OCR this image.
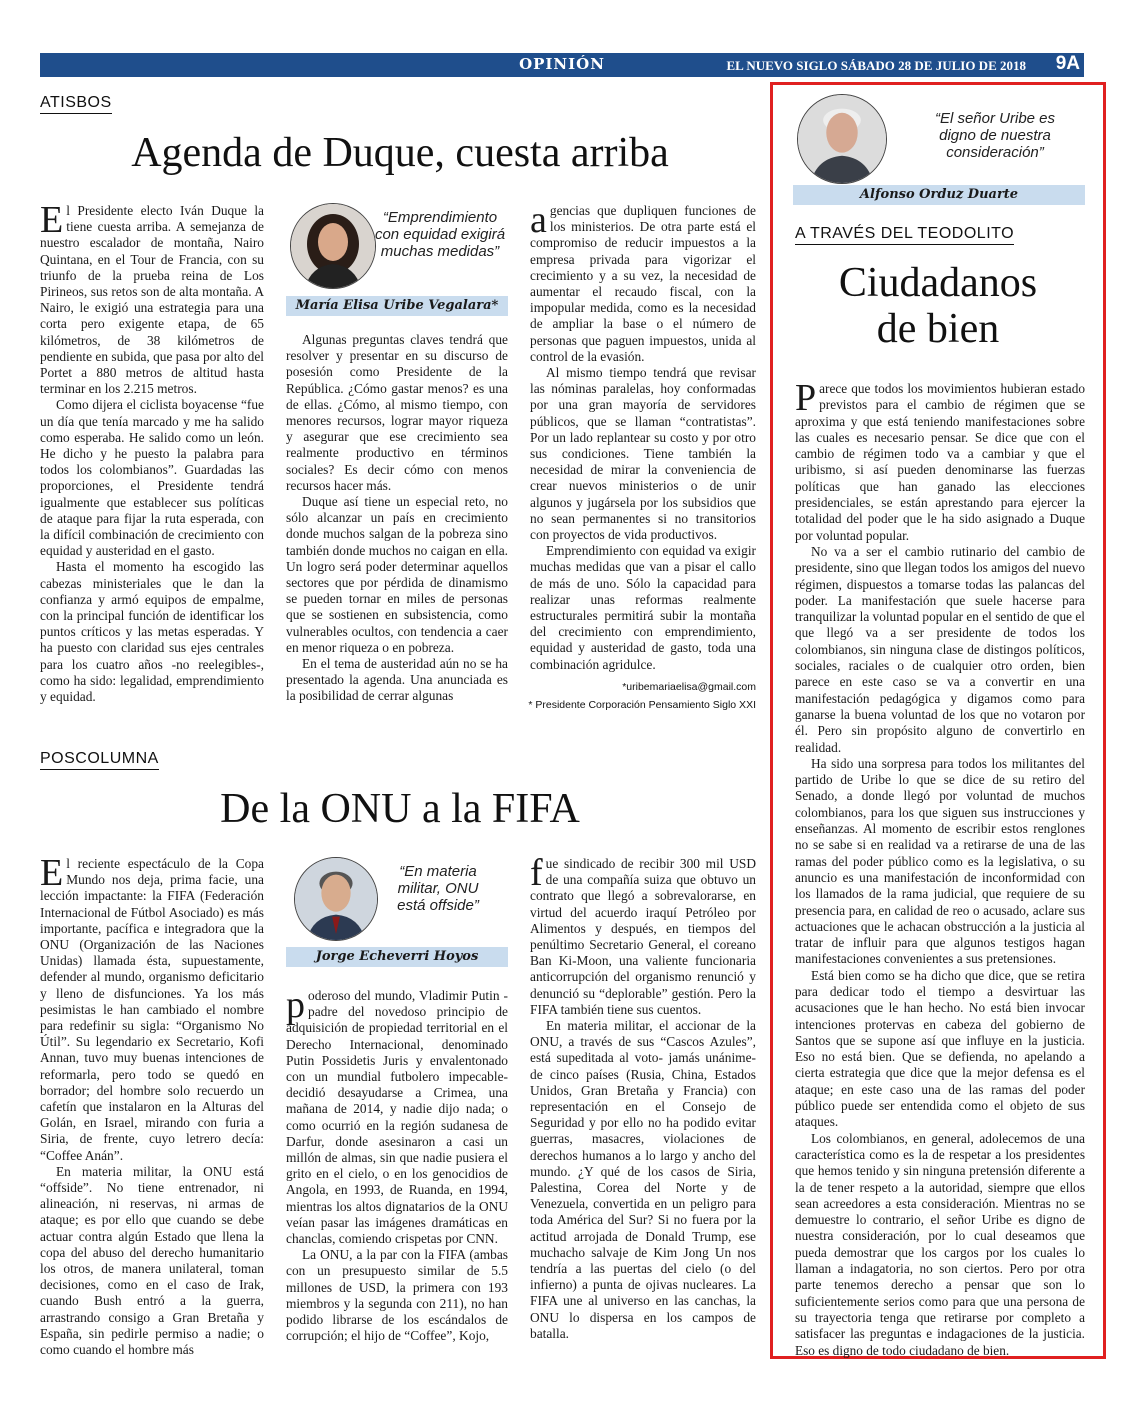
OPINIÓN	EL NUEVO SIGLO SÁBADO 28 DE JULIO DE 2018 9A
ATISBOS
Agenda de Duque, cuesta arriba

El Presidente electo Iván Duque la tiene cuesta arriba. A semejanza de nuestro escalador de montaña, Nairo Quintana, en el Tour de Francia, con su triunfo de la prueba reina de Los Pirineos, sus retos son de alta montaña. A Nairo, le exigió una estrategia para una corta pero exigente etapa, de 65 kilómetros, de 38 kilómetros de pendiente en subida, que pasa por alto del Portet a 880 metros de altitud hasta terminar en los 2.215 metros.

Como dijera el ciclista boyacense “fue un día que tenía marcado y me ha salido como esperaba. He salido como un león. He dicho y he puesto la palabra para todos los colombianos”. Guardadas las proporciones, el Presidente tendrá igualmente que establecer sus políticas de ataque para fijar la ruta esperada, con la difícil combinación de crecimiento con equidad y austeridad en el gasto.

Hasta el momento ha escogido las cabezas ministeriales que le dan la confianza y armó equipos de empalme, con la principal función de identificar los puntos críticos y las metas esperadas. Y ha puesto con claridad sus ejes centrales para los cuatro años -no reelegibles-, como ha sido: legalidad, emprendimiento y equidad.

“Emprendimiento con equidad exigirá muchas medidas”
María Elisa Uribe Vegalara*

Algunas preguntas claves tendrá que resolver y presentar en su discurso de posesión como Presidente de la República. ¿Cómo gastar menos? es una de ellas. ¿Cómo, al mismo tiempo, con menores recursos, lograr mayor riqueza y asegurar que ese crecimiento sea realmente productivo en términos sociales? Es decir cómo con menos recursos hacer más.

Duque así tiene un especial reto, no sólo alcanzar un país en crecimiento donde muchos salgan de la pobreza sino también donde muchos no caigan en ella. Un logro será poder determinar aquellos sectores que por pérdida de dinamismo se pueden tornar en miles de personas que se sostienen en subsistencia, como vulnerables ocultos, con tendencia a caer en menor riqueza o en pobreza.

En el tema de austeridad aún no se ha presentado la agenda. Una anunciada es la posibilidad de cerrar algunas

agencias que dupliquen funciones de los ministerios. De otra parte está el compromiso de reducir impuestos a la empresa privada para vigorizar el crecimiento y a su vez, la necesidad de aumentar el recaudo fiscal, con la impopular medida, como es la necesidad de ampliar la base o el número de personas que paguen impuestos, unida al control de la evasión.

Al mismo tiempo tendrá que revisar las nóminas paralelas, hoy conformadas por una gran mayoría de servidores públicos, que se llaman “contratistas”. Por un lado replantear su costo y por otro sus condiciones. Tiene también la necesidad de mirar la conveniencia de crear nuevos ministerios o de unir algunos y jugársela por los subsidios que no sean permanentes si no transitorios con proyectos de vida productivos.

Emprendimiento con equidad va exigir muchas medidas que van a pisar el callo de más de uno. Sólo la capacidad para realizar unas reformas realmente estructurales permitirá subir la montaña del crecimiento con emprendimiento, equidad y austeridad de gasto, toda una combinación agridulce.

*uribemariaelisa@gmail.com
* Presidente Corporación Pensamiento Siglo XXI
POSCOLUMNA
De la ONU a la FIFA

El reciente espectáculo de la Copa Mundo nos deja, prima facie, una lección impactante: la FIFA (Federación Internacional de Fútbol Asociado) es más importante, pacífica e integradora que la ONU (Organización de las Naciones Unidas) llamada ésta, supuestamente, defender al mundo, organismo deficitario y lleno de disfunciones. Ya los más pesimistas le han cambiado el nombre para redefinir su sigla: “Organismo No Útil”. Su legendario ex Secretario, Kofi Annan, tuvo muy buenas intenciones de reformarla, pero todo se quedó en borrador; del hombre solo recuerdo un cafetín que instalaron en la Alturas del Golán, en Israel, mirando con furia a Siria, de frente, cuyo letrero decía: “Coffee Anán”.

En materia militar, la ONU está “offside”. No tiene entrenador, ni alineación, ni reservas, ni armas de ataque; es por ello que cuando se debe actuar contra algún Estado que llena la copa del abuso del derecho humanitario los otros, de manera unilateral, toman decisiones, como en el caso de Irak, cuando Bush entró a la guerra, arrastrando consigo a Gran Bretaña y España, sin pedirle permiso a nadie; o como cuando el hombre más

“En materia militar, ONU está offside”
Jorge Echeverri Hoyos

poderoso del mundo, Vladimir Putin -padre del novedoso principio de adquisición de propiedad territorial en el Derecho Internacional, denominado Putin Possidetis Juris y envalentonado con un mundial futbolero impecable- decidió desayudarse a Crimea, una mañana de 2014, y nadie dijo nada; o como ocurrió en la región sudanesa de Darfur, donde asesinaron a casi un millón de almas, sin que nadie pusiera el grito en el cielo, o en los genocidios de Angola, en 1993, de Ruanda, en 1994, mientras los altos dignatarios de la ONU veían pasar las imágenes dramáticas en chanclas, comiendo crispetas por CNN.

La ONU, a la par con la FIFA (ambas con un presupuesto similar de 5.5 millones de USD, la primera con 193 miembros y la segunda con 211), no han podido librarse de los escándalos de corrupción; el hijo de “Coffee”, Kojo,

fue sindicado de recibir 300 mil USD de una compañía suiza que obtuvo un contrato que llegó a sobrevalorarse, en virtud del acuerdo iraquí Petróleo por Alimentos y después, en tiempos del penúltimo Secretario General, el coreano Ban Ki-Moon, una valiente funcionaria anticorrupción del organismo renunció y denunció su “deplorable” gestión. Pero la FIFA también tiene sus cuentos.

En materia militar, el accionar de la ONU, a través de sus “Cascos Azules”, está supeditada al voto- jamás unánime- de cinco países (Rusia, China, Estados Unidos, Gran Bretaña y Francia) con representación en el Consejo de Seguridad y por ello no ha podido evitar guerras, masacres, violaciones de derechos humanos a lo largo y ancho del mundo. ¿Y qué de los casos de Siria, Palestina, Corea del Norte y de Venezuela, convertida en un peligro para toda América del Sur? Si no fuera por la actitud arrojada de Donald Trump, ese muchacho salvaje de Kim Jong Un nos tendría a las puertas del cielo (o del infierno) a punta de ojivas nucleares. La FIFA une al universo en las canchas, la ONU lo dispersa en los campos de batalla.

“El señor Uribe es digno de nuestra consideración”
Alfonso Orduz Duarte
A TRAVÉS DEL TEODOLITO
Ciudadanos
de bien

Parece que todos los movimientos hubieran estado previstos para el cambio de régimen que se aproxima y que está teniendo manifestaciones sobre las cuales es necesario pensar. Se dice que con el cambio de régimen todo va a cambiar y que el uribismo, si así pueden denominarse las fuerzas políticas que han ganado las elecciones presidenciales, se están aprestando para ejercer la totalidad del poder que le ha sido asignado a Duque por voluntad popular.

No va a ser el cambio rutinario del cambio de presidente, sino que llegan todos los amigos del nuevo régimen, dispuestos a tomarse todas las palancas del poder. La manifestación que suele hacerse para tranquilizar la voluntad popular en el sentido de que el que llegó va a ser presidente de todos los colombianos, sin ninguna clase de distingos políticos, sociales, raciales o de cualquier otro orden, bien parece en este caso se va a convertir en una manifestación pedagógica y digamos como para ganarse la buena voluntad de los que no votaron por él. Pero sin propósito alguno de convertirlo en realidad.

Ha sido una sorpresa para todos los militantes del partido de Uribe lo que se dice de su retiro del Senado, a donde llegó por voluntad de muchos colombianos, para los que siguen sus instrucciones y enseñanzas. Al momento de escribir estos renglones no se sabe si en realidad va a retirarse de una de las ramas del poder público como es la legislativa, o su anuncio es una manifestación de inconformidad con los llamados de la rama judicial, que requiere de su presencia para, en calidad de reo o acusado, aclare sus actuaciones que le achacan obstrucción a la justicia al tratar de influir para que algunos testigos hagan manifestaciones convenientes a sus pretensiones.

Está bien como se ha dicho que dice, que se retira para dedicar todo el tiempo a desvirtuar las acusaciones que le han hecho. No está bien invocar intenciones protervas en cabeza del gobierno de Santos que se supone así que influye en la justicia. Eso no está bien. Que se defienda, no apelando a cierta estrategia que dice que la mejor defensa es el ataque; en este caso una de las ramas del poder público puede ser entendida como el objeto de sus ataques.

Los colombianos, en general, adolecemos de una característica como es la de respetar a los presidentes que hemos tenido y sin ninguna pretensión diferente a la de tener respeto a la autoridad, siempre que ellos sean acreedores a esta consideración. Mientras no se demuestre lo contrario, el señor Uribe es digno de nuestra consideración, por lo cual deseamos que pueda demostrar que los cargos por los cuales lo llaman a indagatoria, no son ciertos. Pero por otra parte tenemos derecho a pensar que son lo suficientemente serios como para que una persona de su trayectoria tenga que retirarse por completo a satisfacer las preguntas e indagaciones de la justicia. Eso es digno de todo ciudadano de bien.
